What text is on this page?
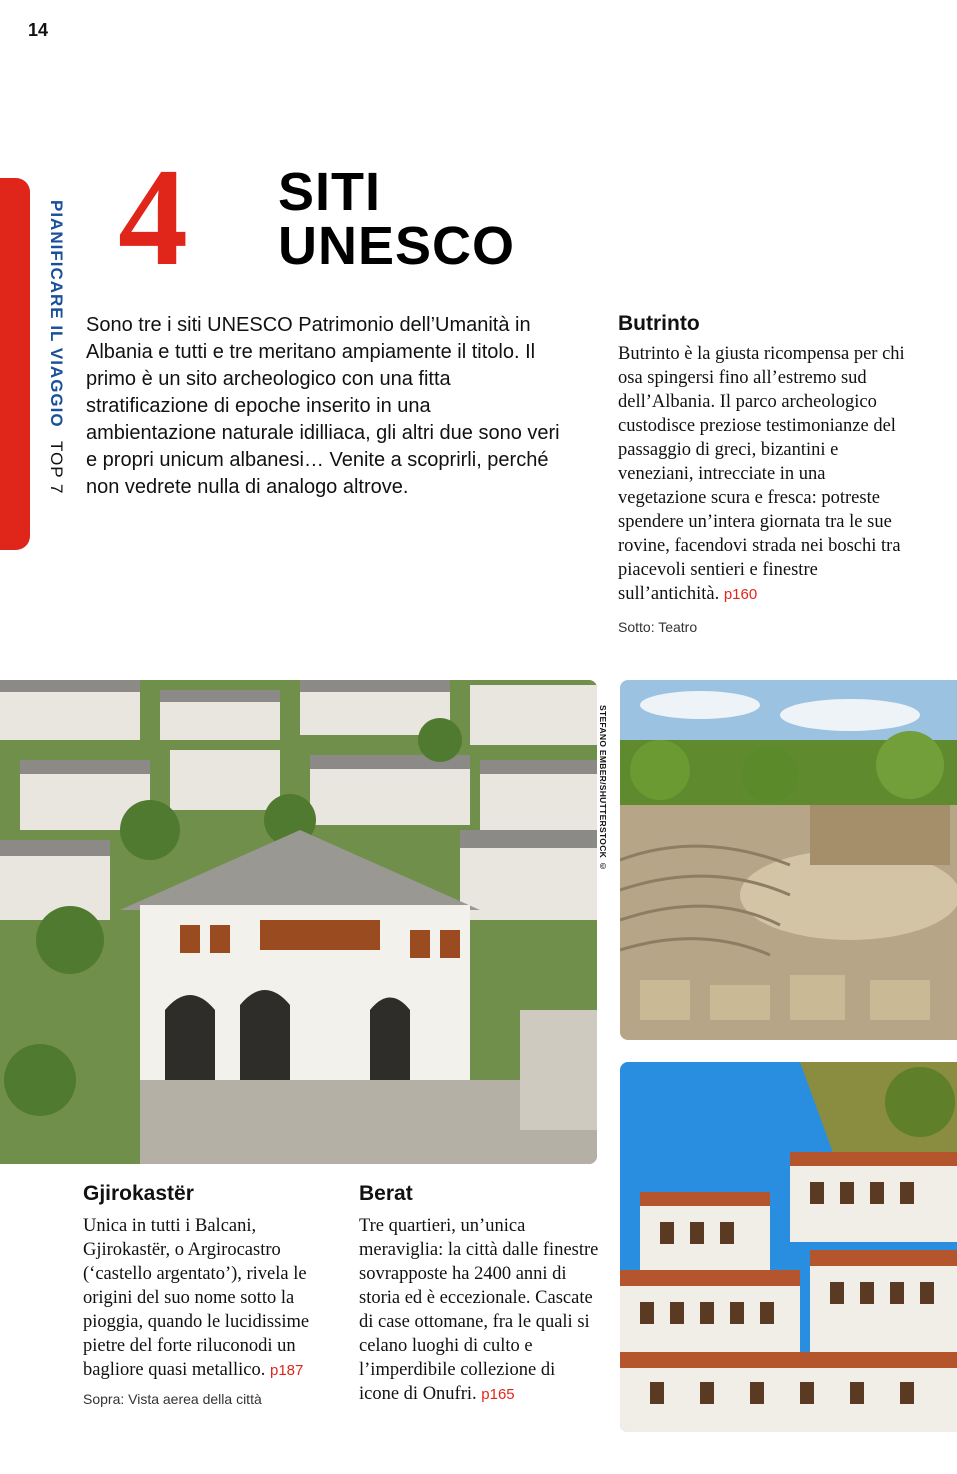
14
PIANIFICARE IL VIAGGIO TOP 7
4 SITI
UNESCO
Sono tre i siti UNESCO Patrimonio dell’Umanità in Albania e tutti e tre meritano ampiamente il titolo. Il primo è un sito archeologico con una fitta stratificazione di epoche inserito in una ambientazione naturale idilliaca, gli altri due sono veri e propri unicum albanesi… Venite a scoprirli, perché non vedrete nulla di analogo altrove.
Butrinto
Butrinto è la giusta ricompensa per chi osa spingersi fino all’estremo sud dell’Albania. Il parco archeologico custodisce preziose testimonianze del passaggio di greci, bizantini e veneziani, intrecciate in una vegetazione scura e fresca: potreste spendere un’intera giornata tra le sue rovine, facendovi strada nei boschi tra piacevoli sentieri e finestre sull’antichità. p160
Sotto: Teatro
STEFANO EMBER/SHUTTERSTOCK ©
Gjirokastër
Unica in tutti i Balcani, Gjirokastër, o Argirocastro (‘castello argentato’), rivela le origini del suo nome sotto la pioggia, quando le lucidissime pietre del forte riluconodi un bagliore quasi metallico. p187
Sopra: Vista aerea della città
Berat
Tre quartieri, un’unica meraviglia: la città dalle finestre sovrapposte ha 2400 anni di storia ed è eccezionale. Cascate di case ottomane, fra le quali si celano luoghi di culto e l’imperdibile collezione di icone di Onufri. p165
